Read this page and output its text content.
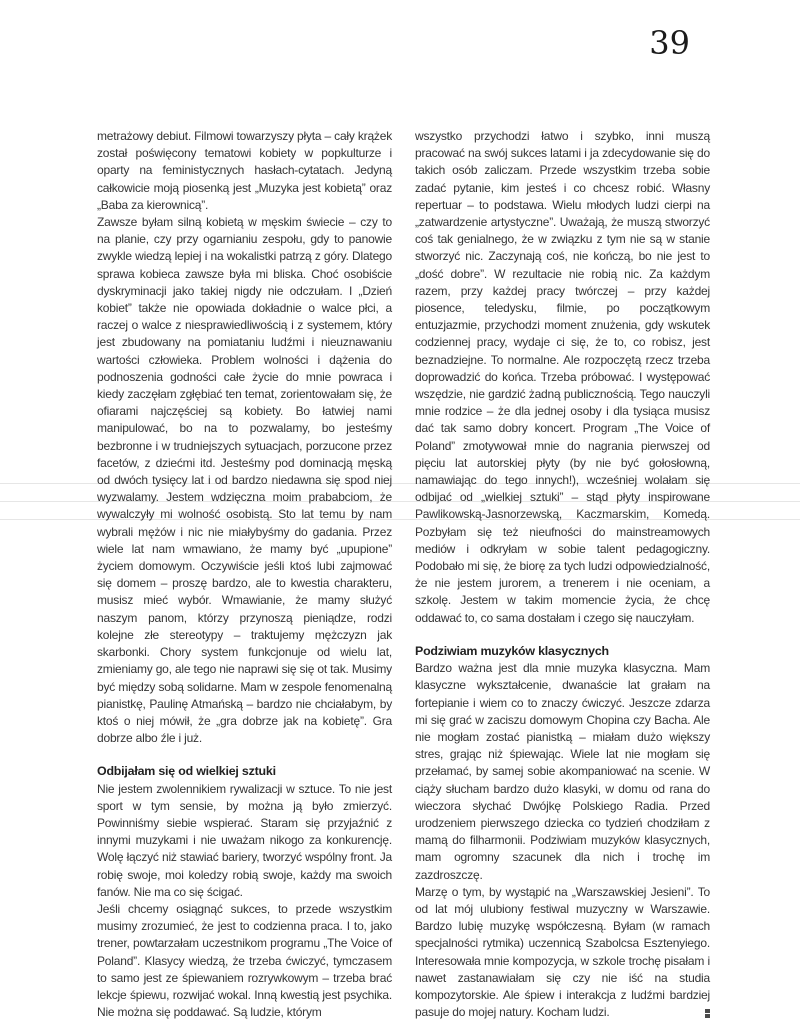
39

metrażowy debiut. Filmowi towarzyszy płyta – cały krążek został poświęcony tematowi kobiety w popkulturze i oparty na feministycznych hasłach-cytatach. Jedyną całkowicie moją piosenką jest „Muzyka jest kobietą” oraz „Baba za kierownicą”.

Zawsze byłam silną kobietą w męskim świecie – czy to na planie, czy przy ogarnianiu zespołu, gdy to panowie zwykle wiedzą lepiej i na wokalistki patrzą z góry. Dlatego sprawa kobieca zawsze była mi bliska. Choć osobiście dyskryminacji jako takiej nigdy nie odczułam. I „Dzień kobiet” także nie opowiada dokładnie o walce płci, a raczej o walce z niesprawiedliwością i z systemem, który jest zbudowany na pomiataniu ludźmi i nieuznawaniu wartości człowieka. Problem wolności i dążenia do podnoszenia godności całe życie do mnie powraca i kiedy zaczęłam zgłębiać ten temat, zorientowałam się, że ofiarami najczęściej są kobiety. Bo łatwiej nami manipulować, bo na to pozwalamy, bo jesteśmy bezbronne i w trudniejszych sytuacjach, porzucone przez facetów, z dziećmi itd. Jesteśmy pod dominacją męską od dwóch tysięcy lat i od bardzo niedawna się spod niej wyzwalamy. Jestem wdzięczna moim prababciom, że wywalczyły mi wolność osobistą. Sto lat temu by nam wybrali mężów i nic nie miałybyśmy do gadania. Przez wiele lat nam wmawiano, że mamy być „upupione” życiem domowym. Oczywiście jeśli ktoś lubi zajmować się domem – proszę bardzo, ale to kwestia charakteru, musisz mieć wybór. Wmawianie, że mamy służyć naszym panom, którzy przynoszą pieniądze, rodzi kolejne złe stereotypy – traktujemy mężczyzn jak skarbonki. Chory system funkcjonuje od wielu lat, zmieniamy go, ale tego nie naprawi się się ot tak. Musimy być między sobą solidarne. Mam w zespole fenomenalną pianistkę, Paulinę Atmańską – bardzo nie chciałabym, by ktoś o niej mówił, że „gra dobrze jak na kobietę”. Gra dobrze albo źle i już.

Odbijałam się od wielkiej sztuki

Nie jestem zwolennikiem rywalizacji w sztuce. To nie jest sport w tym sensie, by można ją było zmierzyć. Powinniśmy siebie wspierać. Staram się przyjaźnić z innymi muzykami i nie uważam nikogo za konkurencję. Wolę łączyć niż stawiać bariery, tworzyć wspólny front. Ja robię swoje, moi koledzy robią swoje, każdy ma swoich fanów. Nie ma co się ścigać.

Jeśli chcemy osiągnąć sukces, to przede wszystkim musimy zrozumieć, że jest to codzienna praca. I to, jako trener, powtarzałam uczestnikom programu „The Voice of Poland”. Klasycy wiedzą, że trzeba ćwiczyć, tymczasem to samo jest ze śpiewaniem rozrywkowym – trzeba brać lekcje śpiewu, rozwijać wokal. Inną kwestią jest psychika. Nie można się poddawać. Są ludzie, którym

wszystko przychodzi łatwo i szybko, inni muszą pracować na swój sukces latami i ja zdecydowanie się do takich osób zaliczam. Przede wszystkim trzeba sobie zadać pytanie, kim jesteś i co chcesz robić. Własny repertuar – to podstawa. Wielu młodych ludzi cierpi na „zatwardzenie artystyczne”. Uważają, że muszą stworzyć coś tak genialnego, że w związku z tym nie są w stanie stworzyć nic. Zaczynają coś, nie kończą, bo nie jest to „dość dobre”. W rezultacie nie robią nic. Za każdym razem, przy każdej pracy twórczej – przy każdej piosence, teledysku, filmie, po początkowym entuzjazmie, przychodzi moment znużenia, gdy wskutek codziennej pracy, wydaje ci się, że to, co robisz, jest beznadziejne. To normalne. Ale rozpoczętą rzecz trzeba doprowadzić do końca. Trzeba próbować. I występować wszędzie, nie gardzić żadną publicznością. Tego nauczyli mnie rodzice – że dla jednej osoby i dla tysiąca musisz dać tak samo dobry koncert. Program „The Voice of Poland” zmotywował mnie do nagrania pierwszej od pięciu lat autorskiej płyty (by nie być gołosłowną, namawiając do tego innych!), wcześniej wolałam się odbijać od „wielkiej sztuki” – stąd płyty inspirowane Pawlikowską-Jasnorzewską, Kaczmarskim, Komedą. Pozbyłam się też nieufności do mainstreamowych mediów i odkryłam w sobie talent pedagogiczny. Podobało mi się, że biorę za tych ludzi odpowiedzialność, że nie jestem jurorem, a trenerem i nie oceniam, a szkolę. Jestem w takim momencie życia, że chcę oddawać to, co sama dostałam i czego się nauczyłam.

Podziwiam muzyków klasycznych

Bardzo ważna jest dla mnie muzyka klasyczna. Mam klasyczne wykształcenie, dwanaście lat grałam na fortepianie i wiem co to znaczy ćwiczyć. Jeszcze zdarza mi się grać w zaciszu domowym Chopina czy Bacha. Ale nie mogłam zostać pianistką – miałam dużo większy stres, grając niż śpiewając. Wiele lat nie mogłam się przełamać, by samej sobie akompaniować na scenie. W ciąży słucham bardzo dużo klasyki, w domu od rana do wieczora słychać Dwójkę Polskiego Radia. Przed urodzeniem pierwszego dziecka co tydzień chodziłam z mamą do filharmonii. Podziwiam muzyków klasycznych, mam ogromny szacunek dla nich i trochę im zazdroszczę.

Marzę o tym, by wystąpić na „Warszawskiej Jesieni”. To od lat mój ulubiony festiwal muzyczny w Warszawie. Bardzo lubię muzykę współczesną. Byłam (w ramach specjalności rytmika) uczennicą Szabolcsa Esztenyiego. Interesowała mnie kompozycja, w szkole trochę pisałam i nawet zastanawiałam się czy nie iść na studia kompozytorskie. Ale śpiew i interakcja z ludźmi bardziej pasuje do mojej natury. Kocham ludzi.
